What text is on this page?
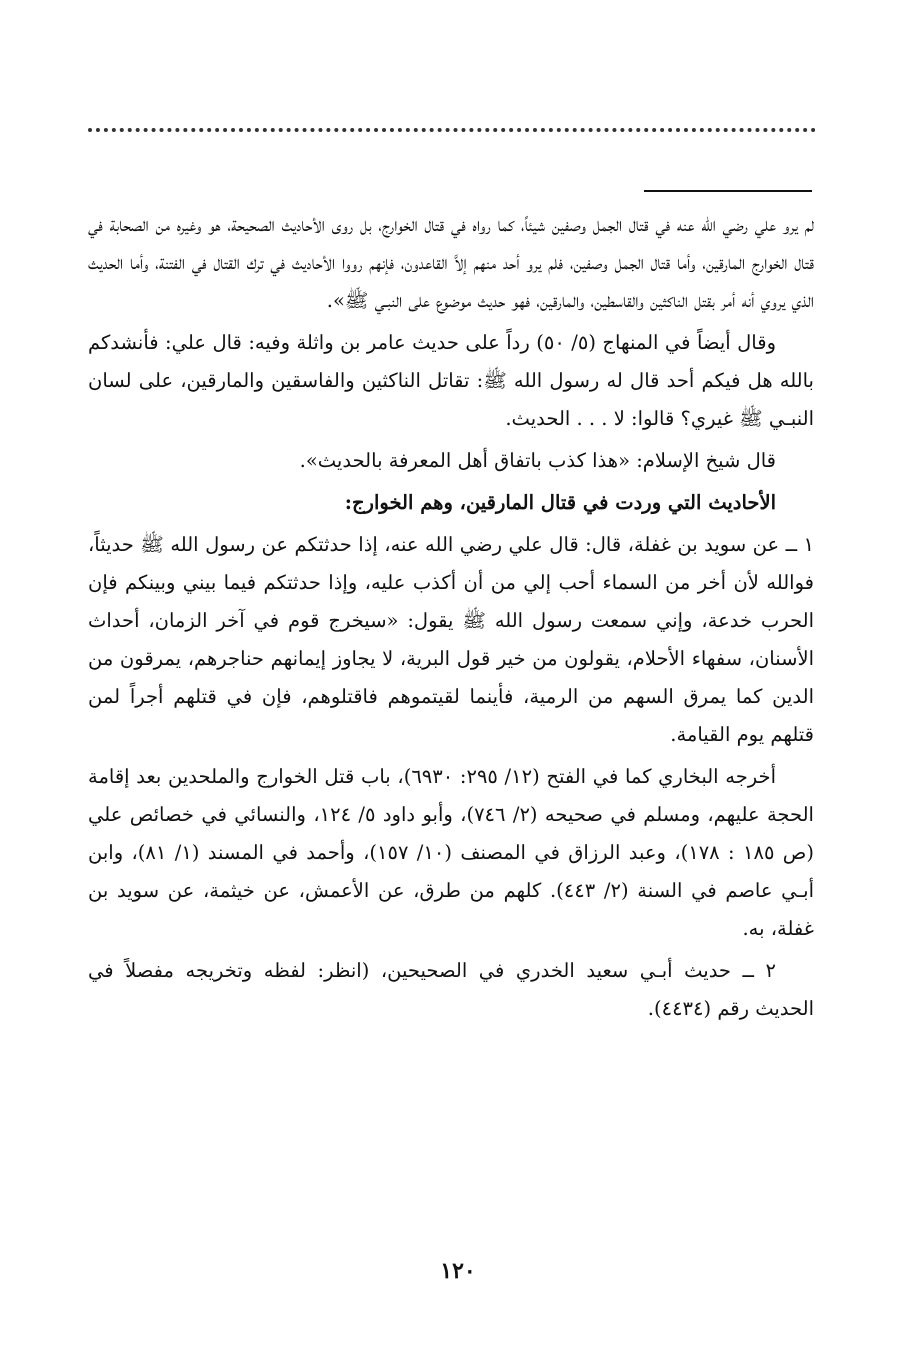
لم يرو علي رضي الله عنه في قتال الجمل وصفين شيئاً، كما رواه في قتال الخوارج، بل روى الأحاديث الصحيحة، هو وغيره من الصحابة في قتال الخوارج المارقين، وأما قتال الجمل وصفين، فلم يرو أحد منهم إلاَّ القاعدون، فإنهم رووا الأحاديث في ترك القتال في الفتنة، وأما الحديث الذي يروي أنه أمر بقتل الناكثين والقاسطين، والمارقين، فهو حديث موضوع على النبـي ﷺ».

وقال أيضاً في المنهاج (٥/ ٥٠) رداً على حديث عامر بن واثلة وفيه: قال علي: فأنشدكم بالله هل فيكم أحد قال له رسول الله ﷺ: تقاتل الناكثين والفاسقين والمارقين، على لسان النبـي ﷺ غيري؟ قالوا: لا . . . الحديث.

قال شيخ الإسلام: «هذا كذب باتفاق أهل المعرفة بالحديث».

الأحاديث التي وردت في قتال المارقين، وهم الخوارج:

١ ــ عن سويد بن غفلة، قال: قال علي رضي الله عنه، إذا حدثتكم عن رسول الله ﷺ حديثاً، فوالله لأن أخر من السماء أحب إلي من أن أكذب عليه، وإذا حدثتكم فيما بيني وبينكم فإن الحرب خدعة، وإني سمعت رسول الله ﷺ يقول: «سيخرج قوم في آخر الزمان، أحداث الأسنان، سفهاء الأحلام، يقولون من خير قول البرية، لا يجاوز إيمانهم حناجرهم، يمرقون من الدين كما يمرق السهم من الرمية، فأينما لقيتموهم فاقتلوهم، فإن في قتلهم أجراً لمن قتلهم يوم القيامة.

أخرجه البخاري كما في الفتح (١٢/ ٢٩٥: ٦٩٣٠)، باب قتل الخوارج والملحدين بعد إقامة الحجة عليهم، ومسلم في صحيحه (٢/ ٧٤٦)، وأبو داود ٥/ ١٢٤، والنسائي في خصائص علي (ص ١٨٥ : ١٧٨)، وعبد الرزاق في المصنف (١٠/ ١٥٧)، وأحمد في المسند (١/ ٨١)، وابن أبـي عاصم في السنة (٢/ ٤٤٣). كلهم من طرق، عن الأعمش، عن خيثمة، عن سويد بن غفلة، به.

٢ ــ حديث أبـي سعيد الخدري في الصحيحين، (انظر: لفظه وتخريجه مفصلاً في الحديث رقم (٤٤٣٤).

١٢٠
